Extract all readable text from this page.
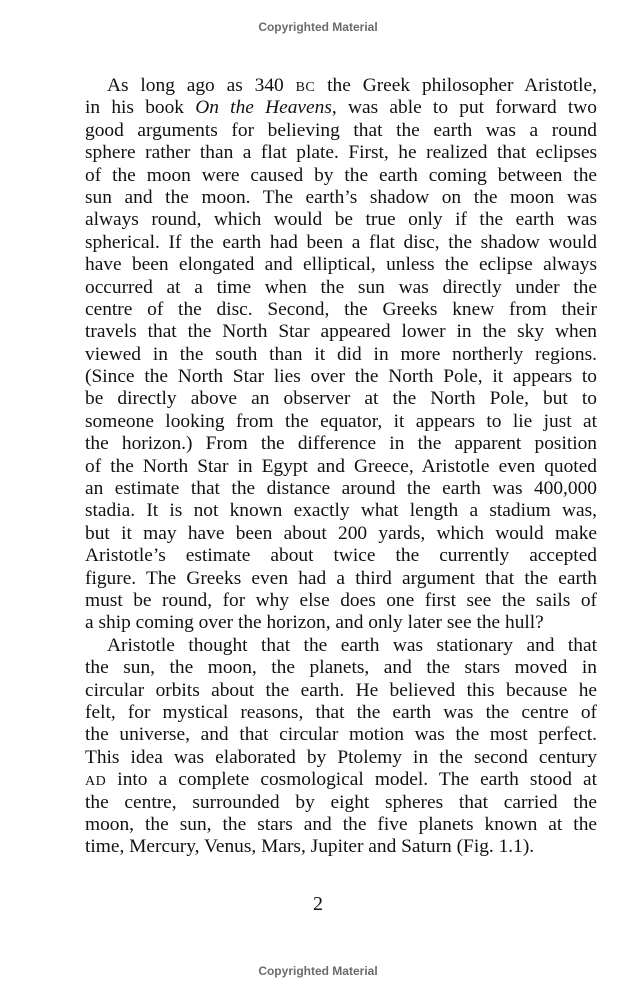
Copyrighted Material
As long ago as 340 BC the Greek philosopher Aristotle,
in his book On the Heavens, was able to put forward two
good arguments for believing that the earth was a round
sphere rather than a flat plate. First, he realized that eclipses
of the moon were caused by the earth coming between the
sun and the moon. The earth’s shadow on the moon was
always round, which would be true only if the earth was
spherical. If the earth had been a flat disc, the shadow would
have been elongated and elliptical, unless the eclipse always
occurred at a time when the sun was directly under the
centre of the disc. Second, the Greeks knew from their
travels that the North Star appeared lower in the sky when
viewed in the south than it did in more northerly regions.
(Since the North Star lies over the North Pole, it appears to
be directly above an observer at the North Pole, but to
someone looking from the equator, it appears to lie just at
the horizon.) From the difference in the apparent position
of the North Star in Egypt and Greece, Aristotle even quoted
an estimate that the distance around the earth was 400,000
stadia. It is not known exactly what length a stadium was,
but it may have been about 200 yards, which would make
Aristotle’s estimate about twice the currently accepted
figure. The Greeks even had a third argument that the earth
must be round, for why else does one first see the sails of
a ship coming over the horizon, and only later see the hull?
Aristotle thought that the earth was stationary and that
the sun, the moon, the planets, and the stars moved in
circular orbits about the earth. He believed this because he
felt, for mystical reasons, that the earth was the centre of
the universe, and that circular motion was the most perfect.
This idea was elaborated by Ptolemy in the second century
AD into a complete cosmological model. The earth stood at
the centre, surrounded by eight spheres that carried the
moon, the sun, the stars and the five planets known at the
time, Mercury, Venus, Mars, Jupiter and Saturn (Fig. 1.1).
2
Copyrighted Material
